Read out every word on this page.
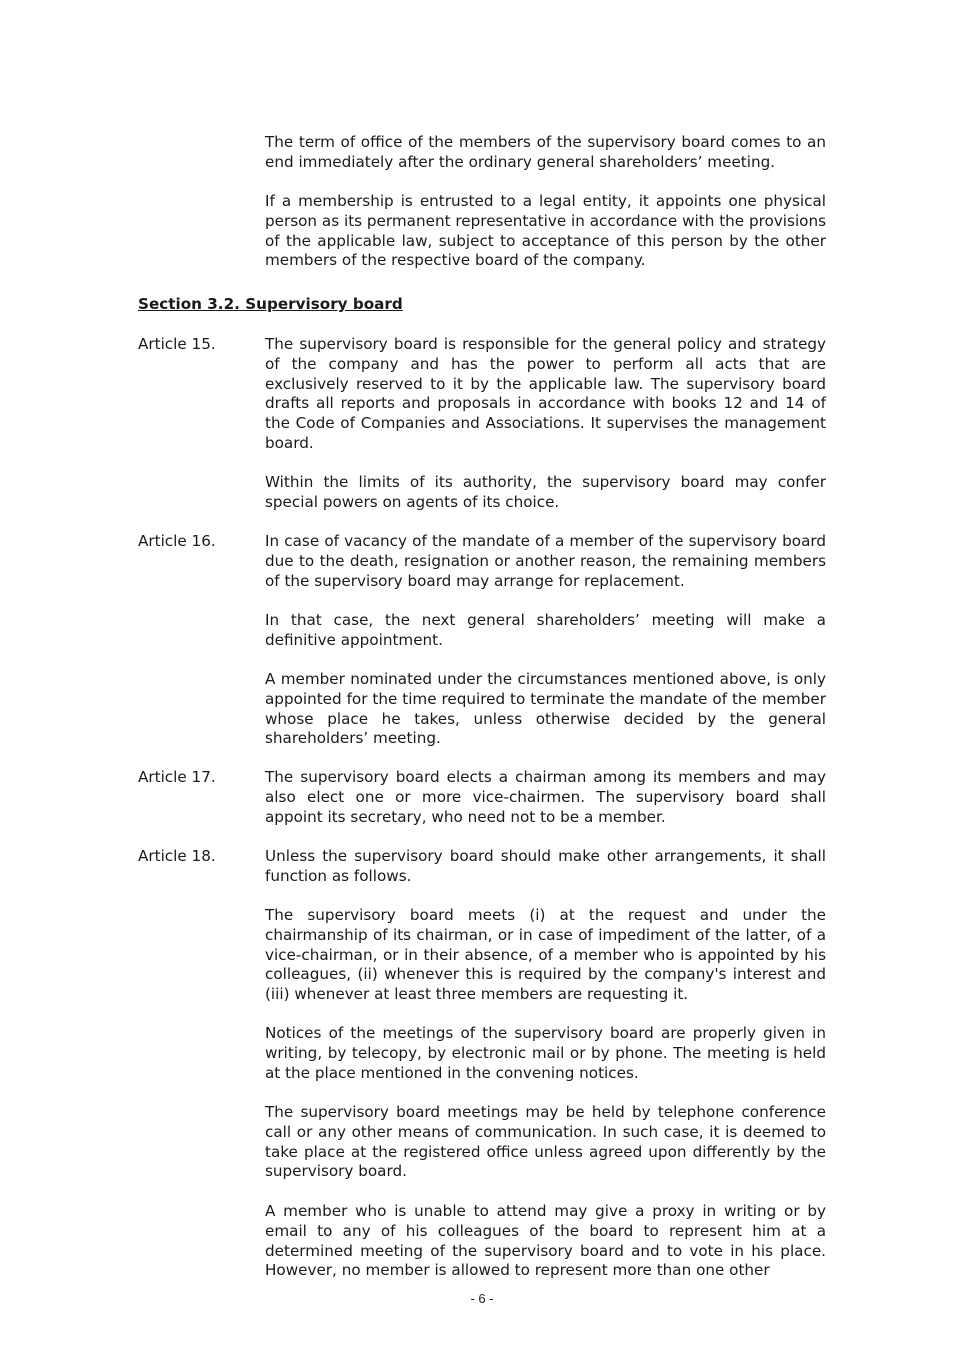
The term of office of the members of the supervisory board comes to an end immediately after the ordinary general shareholders’ meeting.

If a membership is entrusted to a legal entity, it appoints one physical person as its permanent representative in accordance with the provisions of the applicable law, subject to acceptance of this person by the other members of the respective board of the company.

Section 3.2. Supervisory board

Article 15.	The supervisory board is responsible for the general policy and strategy of the company and has the power to perform all acts that are exclusively reserved to it by the applicable law. The supervisory board drafts all reports and proposals in accordance with books 12 and 14 of the Code of Companies and Associations. It supervises the management board.

Within the limits of its authority, the supervisory board may confer special powers on agents of its choice.

Article 16.	In case of vacancy of the mandate of a member of the supervisory board due to the death, resignation or another reason, the remaining members of the supervisory board may arrange for replacement.

In that case, the next general shareholders’ meeting will make a definitive appointment.

A member nominated under the circumstances mentioned above, is only appointed for the time required to terminate the mandate of the member whose place he takes, unless otherwise decided by the general shareholders’ meeting.

Article 17.	The supervisory board elects a chairman among its members and may also elect one or more vice-chairmen. The supervisory board shall appoint its secretary, who need not to be a member.

Article 18.	Unless the supervisory board should make other arrangements, it shall function as follows.

The supervisory board meets (i) at the request and under the chairmanship of its chairman, or in case of impediment of the latter, of a vice-chairman, or in their absence, of a member who is appointed by his colleagues, (ii) whenever this is required by the company's interest and (iii) whenever at least three members are requesting it.

Notices of the meetings of the supervisory board are properly given in writing, by telecopy, by electronic mail or by phone. The meeting is held at the place mentioned in the convening notices.

The supervisory board meetings may be held by telephone conference call or any other means of communication. In such case, it is deemed to take place at the registered office unless agreed upon differently by the supervisory board.

A member who is unable to attend may give a proxy in writing or by email to any of his colleagues of the board to represent him at a determined meeting of the supervisory board and to vote in his place. However, no member is allowed to represent more than one other

- 6 -
